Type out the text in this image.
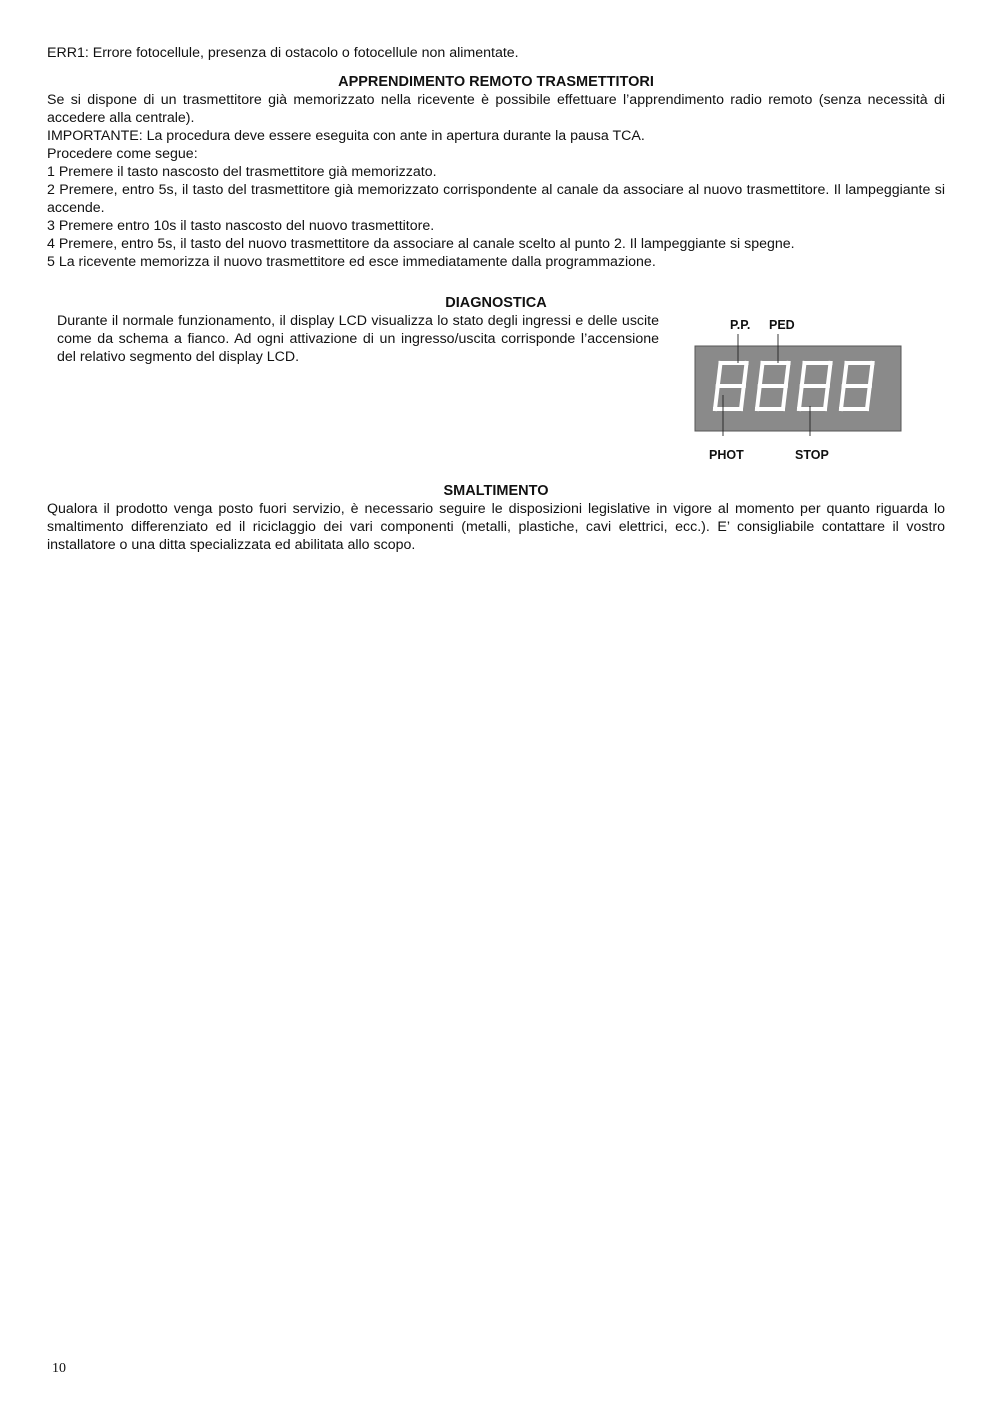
ERR1: Errore fotocellule, presenza di ostacolo o fotocellule non alimentate.

APPRENDIMENTO REMOTO TRASMETTITORI

Se si dispone di un trasmettitore già memorizzato nella ricevente è possibile effettuare l’apprendimento radio remoto (senza necessità di accedere alla centrale).

IMPORTANTE: La procedura deve essere eseguita con ante in apertura durante la pausa TCA.

Procedere come segue:

1 Premere il tasto nascosto del trasmettitore già memorizzato.

2 Premere, entro 5s, il tasto del trasmettitore già memorizzato corrispondente al canale da associare al nuovo trasmettitore. Il lampeggiante si accende.

3 Premere entro 10s il tasto nascosto del nuovo trasmettitore.

4 Premere, entro 5s, il tasto del nuovo trasmettitore da associare al canale scelto al punto 2. Il lampeggiante si spegne.

5 La ricevente memorizza il nuovo trasmettitore ed esce immediatamente dalla programmazione.

DIAGNOSTICA

Durante il normale funzionamento, il display LCD visualizza lo stato degli ingressi e delle uscite come da schema a fianco. Ad ogni attivazione di un ingresso/uscita corrisponde l’accensione del relativo segmento del display LCD.

P.P. PED
PHOT	STOP
SMALTIMENTO

Qualora il prodotto venga posto fuori servizio, è necessario seguire le disposizioni legislative in vigore al momento per quanto riguarda lo smaltimento differenziato ed il riciclaggio dei vari componenti (metalli, plastiche, cavi elettrici, ecc.). E’ consigliabile contattare il vostro installatore o una ditta specializzata ed abilitata allo scopo.

10
